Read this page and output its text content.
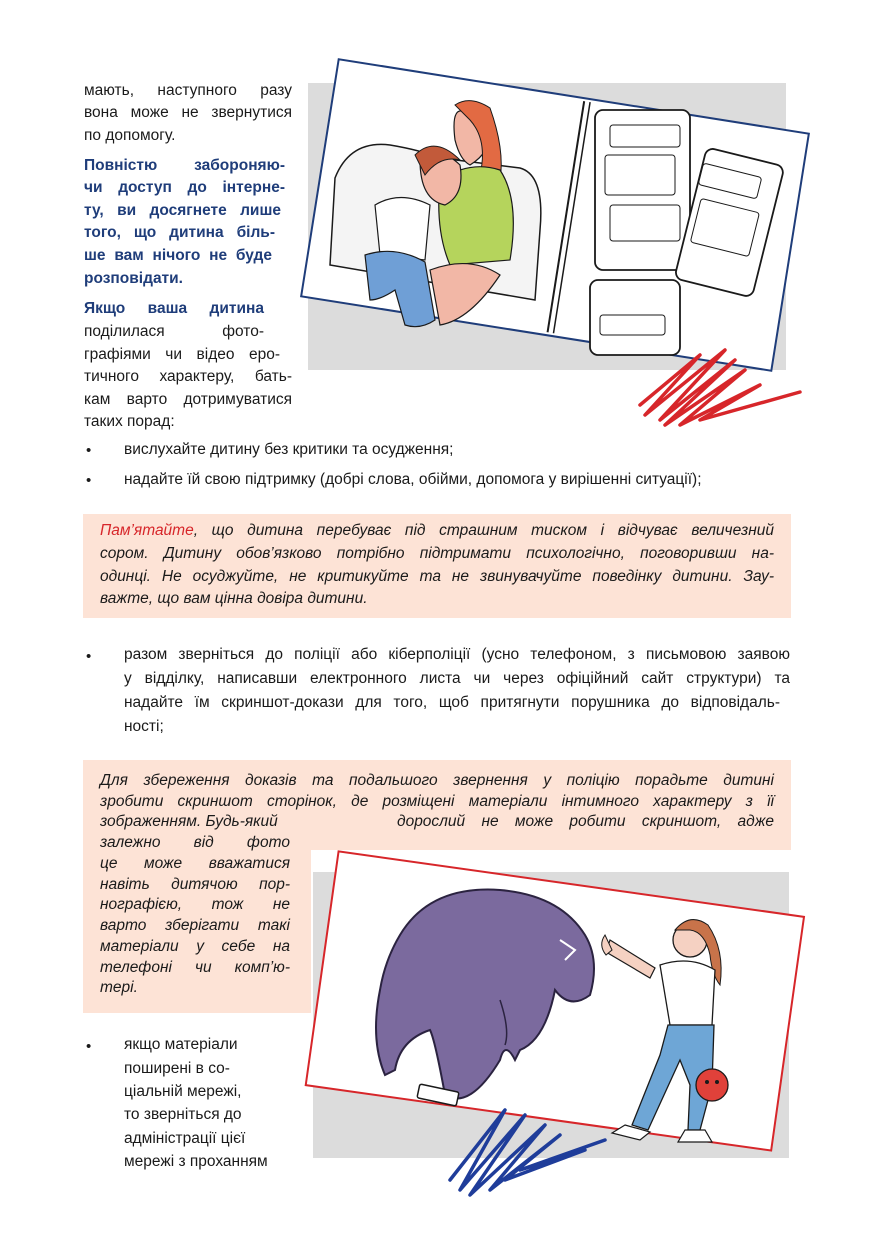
мають, наступного разу

вона може не звернутися

по допомогу.

Повністю забороняю-

чи доступ до інтерне-

ту, ви досягнете лише

того, що дитина біль-

ше вам нічого не буде

розповідати.

Якщо ваша дитина

поділилася фото-

графіями чи відео еро-

тичного характеру, бать-

кам варто дотримуватися

таких порад:

• вислухайте дитину без критики та осудження;

• надайте їй свою підтримку (добрі слова, обійми, допомога у вирішенні ситуації);

Пам’ятайте, що дитина перебуває під страшним тиском і відчуває величезний

сором. Дитину обов’язково потрібно підтримати психологічно, поговоривши на-

одинці. Не осуджуйте, не критикуйте та не звинувачуйте поведінку дитини. Зау-

важте, що вам цінна довіра дитини.

• разом зверніться до поліції або кіберполіції (усно телефоном, з письмовою заявою

у відділку, написавши електронного листа чи через офіційний сайт структури) та

надайте їм скриншот-докази для того, щоб притягнути порушника до відповідаль-

ності;

Для збереження доказів та подальшого звернення у поліцію порадьте дитині

зробити скриншот сторінок, де розміщені матеріали інтимного характеру з її

зображенням. Будь-який	дорослий не може робити скриншот, адже

залежно від фото

це може вважатися

навіть дитячою пор-

нографією, тож не

варто зберігати такі

матеріали у себе на

телефоні чи комп’ю-

тері.

• якщо матеріали

поширені в со-

ціальній мережі,

то зверніться до

адміністрації цієї

мережі з проханням
